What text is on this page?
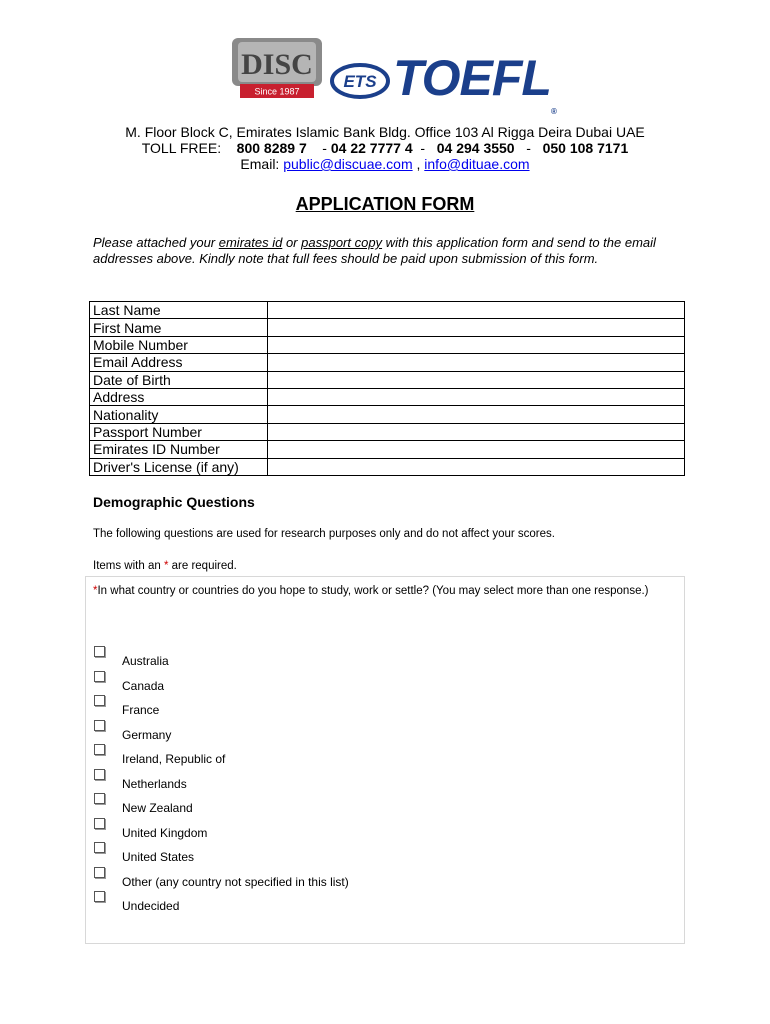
DISC
Since 1987
ETS TOEFL®
M. Floor Block C, Emirates Islamic Bank Bldg. Office 103 Al Rigga Deira Dubai UAE
TOLL FREE: 800 8289 7 - 04 22 7777 4 - 04 294 3550 - 050 108 7171
Email: public@discuae.com , info@dituae.com
APPLICATION FORM
Please attached your emirates id or passport copy with this application form and send to the email addresses above. Kindly note that full fees should be paid upon submission of this form.
Last Name	
First Name	
Mobile Number	
Email Address	
Date of Birth	
Address	
Nationality	
Passport Number	
Emirates ID Number	
Driver's License (if any)	
Demographic Questions
The following questions are used for research purposes only and do not affect your scores.
Items with an * are required.
*In what country or countries do you hope to study, work or settle? (You may select more than one response.)
Australia
Canada
France
Germany
Ireland, Republic of
Netherlands
New Zealand
United Kingdom
United States
Other (any country not specified in this list)
Undecided
